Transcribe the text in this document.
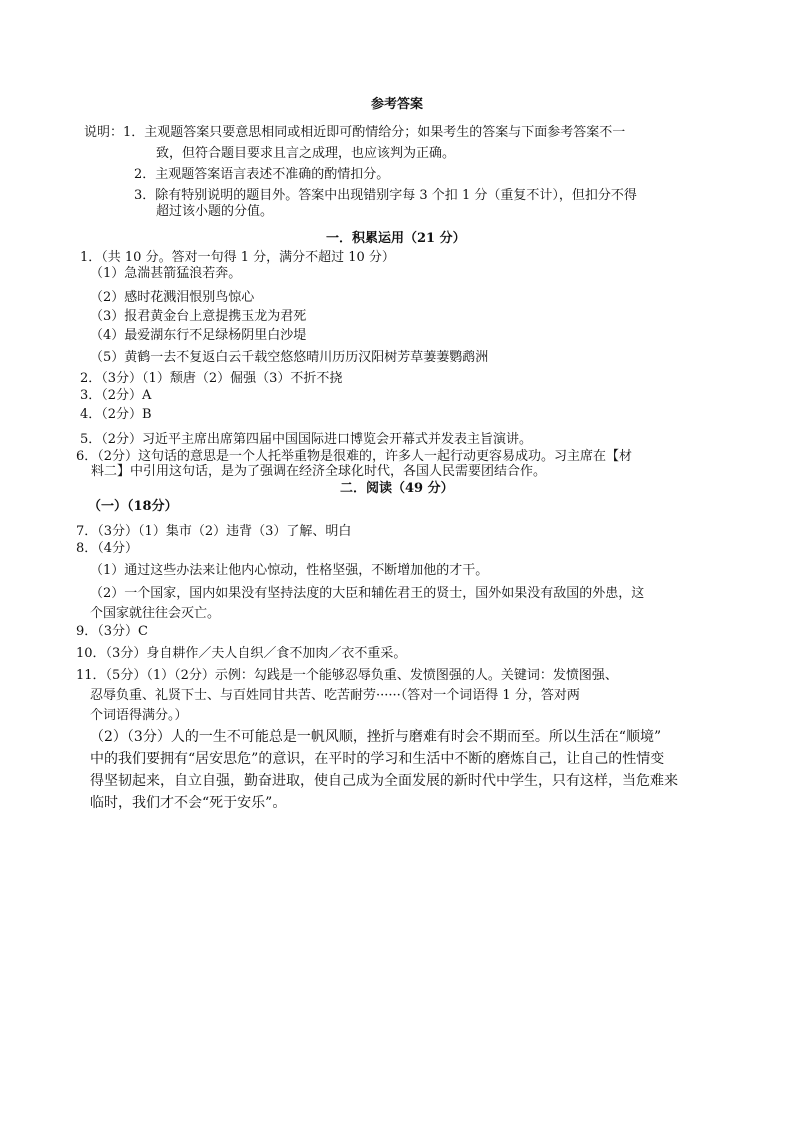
参考答案
说明：1．主观题答案只要意思相同或相近即可酌情给分；如果考生的答案与下面参考答案不一
致，但符合题目要求且言之成理，也应该判为正确。
2．主观题答案语言表述不准确的酌情扣分。
3．除有特别说明的题目外。答案中出现错别字每 3 个扣 1 分（重复不计），但扣分不得
超过该小题的分值。
一．积累运用（21 分）
1．（共 10 分。答对一句得 1 分，满分不超过 10 分）
（1）急湍甚箭猛浪若奔。
（2）感时花溅泪恨别鸟惊心
（3）报君黄金台上意提携玉龙为君死
（4）最爱湖东行不足绿杨阴里白沙堤
（5）黄鹤一去不复返白云千载空悠悠晴川历历汉阳树芳草萋萋鹦鹉洲
2．（3分）（1）颓唐（2）倔强（3）不折不挠
3．（2分）A
4．（2分）B
5．（2分）习近平主席出席第四届中国国际进口博览会开幕式并发表主旨演讲。
6．（2分）这句话的意思是一个人托举重物是很难的，许多人一起行动更容易成功。习主席在【材
料二】中引用这句话，是为了强调在经济全球化时代，各国人民需要团结合作。
二．阅读（49 分）
（一）（18分）
7．（3分）（1）集市（2）违背（3）了解、明白
8．（4分）
（1）通过这些办法来让他内心惊动，性格坚强，不断增加他的才干。
（2）一个国家，国内如果没有坚持法度的大臣和辅佐君王的贤士，国外如果没有敌国的外患，这
个国家就往往会灭亡。
9．（3分）C
10．（3分）身自耕作／夫人自织／食不加肉／衣不重采。
11．（5分）（1）（2分）示例：勾践是一个能够忍辱负重、发愤图强的人。关键词：发愤图强、
忍辱负重、礼贤下士、与百姓同甘共苦、吃苦耐劳······（答对一个词语得 1 分，答对两
个词语得满分。）
（2）（3分）人的一生不可能总是一帆风顺，挫折与磨难有时会不期而至。所以生活在“顺境”
中的我们要拥有“居安思危”的意识，在平时的学习和生活中不断的磨炼自己，让自己的性情变
得坚韧起来，自立自强，勤奋进取，使自己成为全面发展的新时代中学生，只有这样，当危难来
临时，我们才不会“死于安乐”。
